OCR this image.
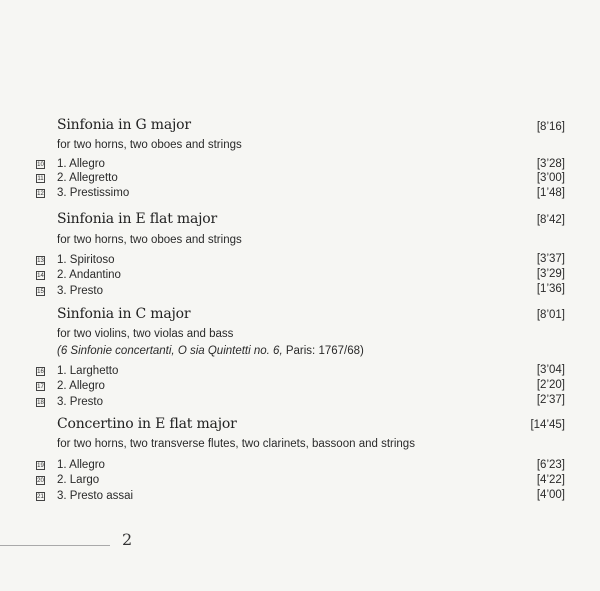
Sinfonia in G major	[8’16]
for two horns, two oboes and strings
10 1. Allegro	[3’28]
11 2. Allegretto	[3’00]
12 3. Prestissimo	[1’48]
Sinfonia in E flat major	[8’42]
for two horns, two oboes and strings
13 1. Spiritoso	[3’37]
14 2. Andantino	[3’29]
15 3. Presto	[1’36]
Sinfonia in C major	[8’01]
for two violins, two violas and bass
(6 Sinfonie concertanti, O sia Quintetti no. 6, Paris: 1767/68)
16 1. Larghetto	[3’04]
17 2. Allegro	[2’20]
18 3. Presto	[2’37]
Concertino in E flat major	[14’45]
for two horns, two transverse flutes, two clarinets, bassoon and strings
19 1. Allegro	[6’23]
20 2. Largo	[4’22]
21 3. Presto assai	[4’00]
2
